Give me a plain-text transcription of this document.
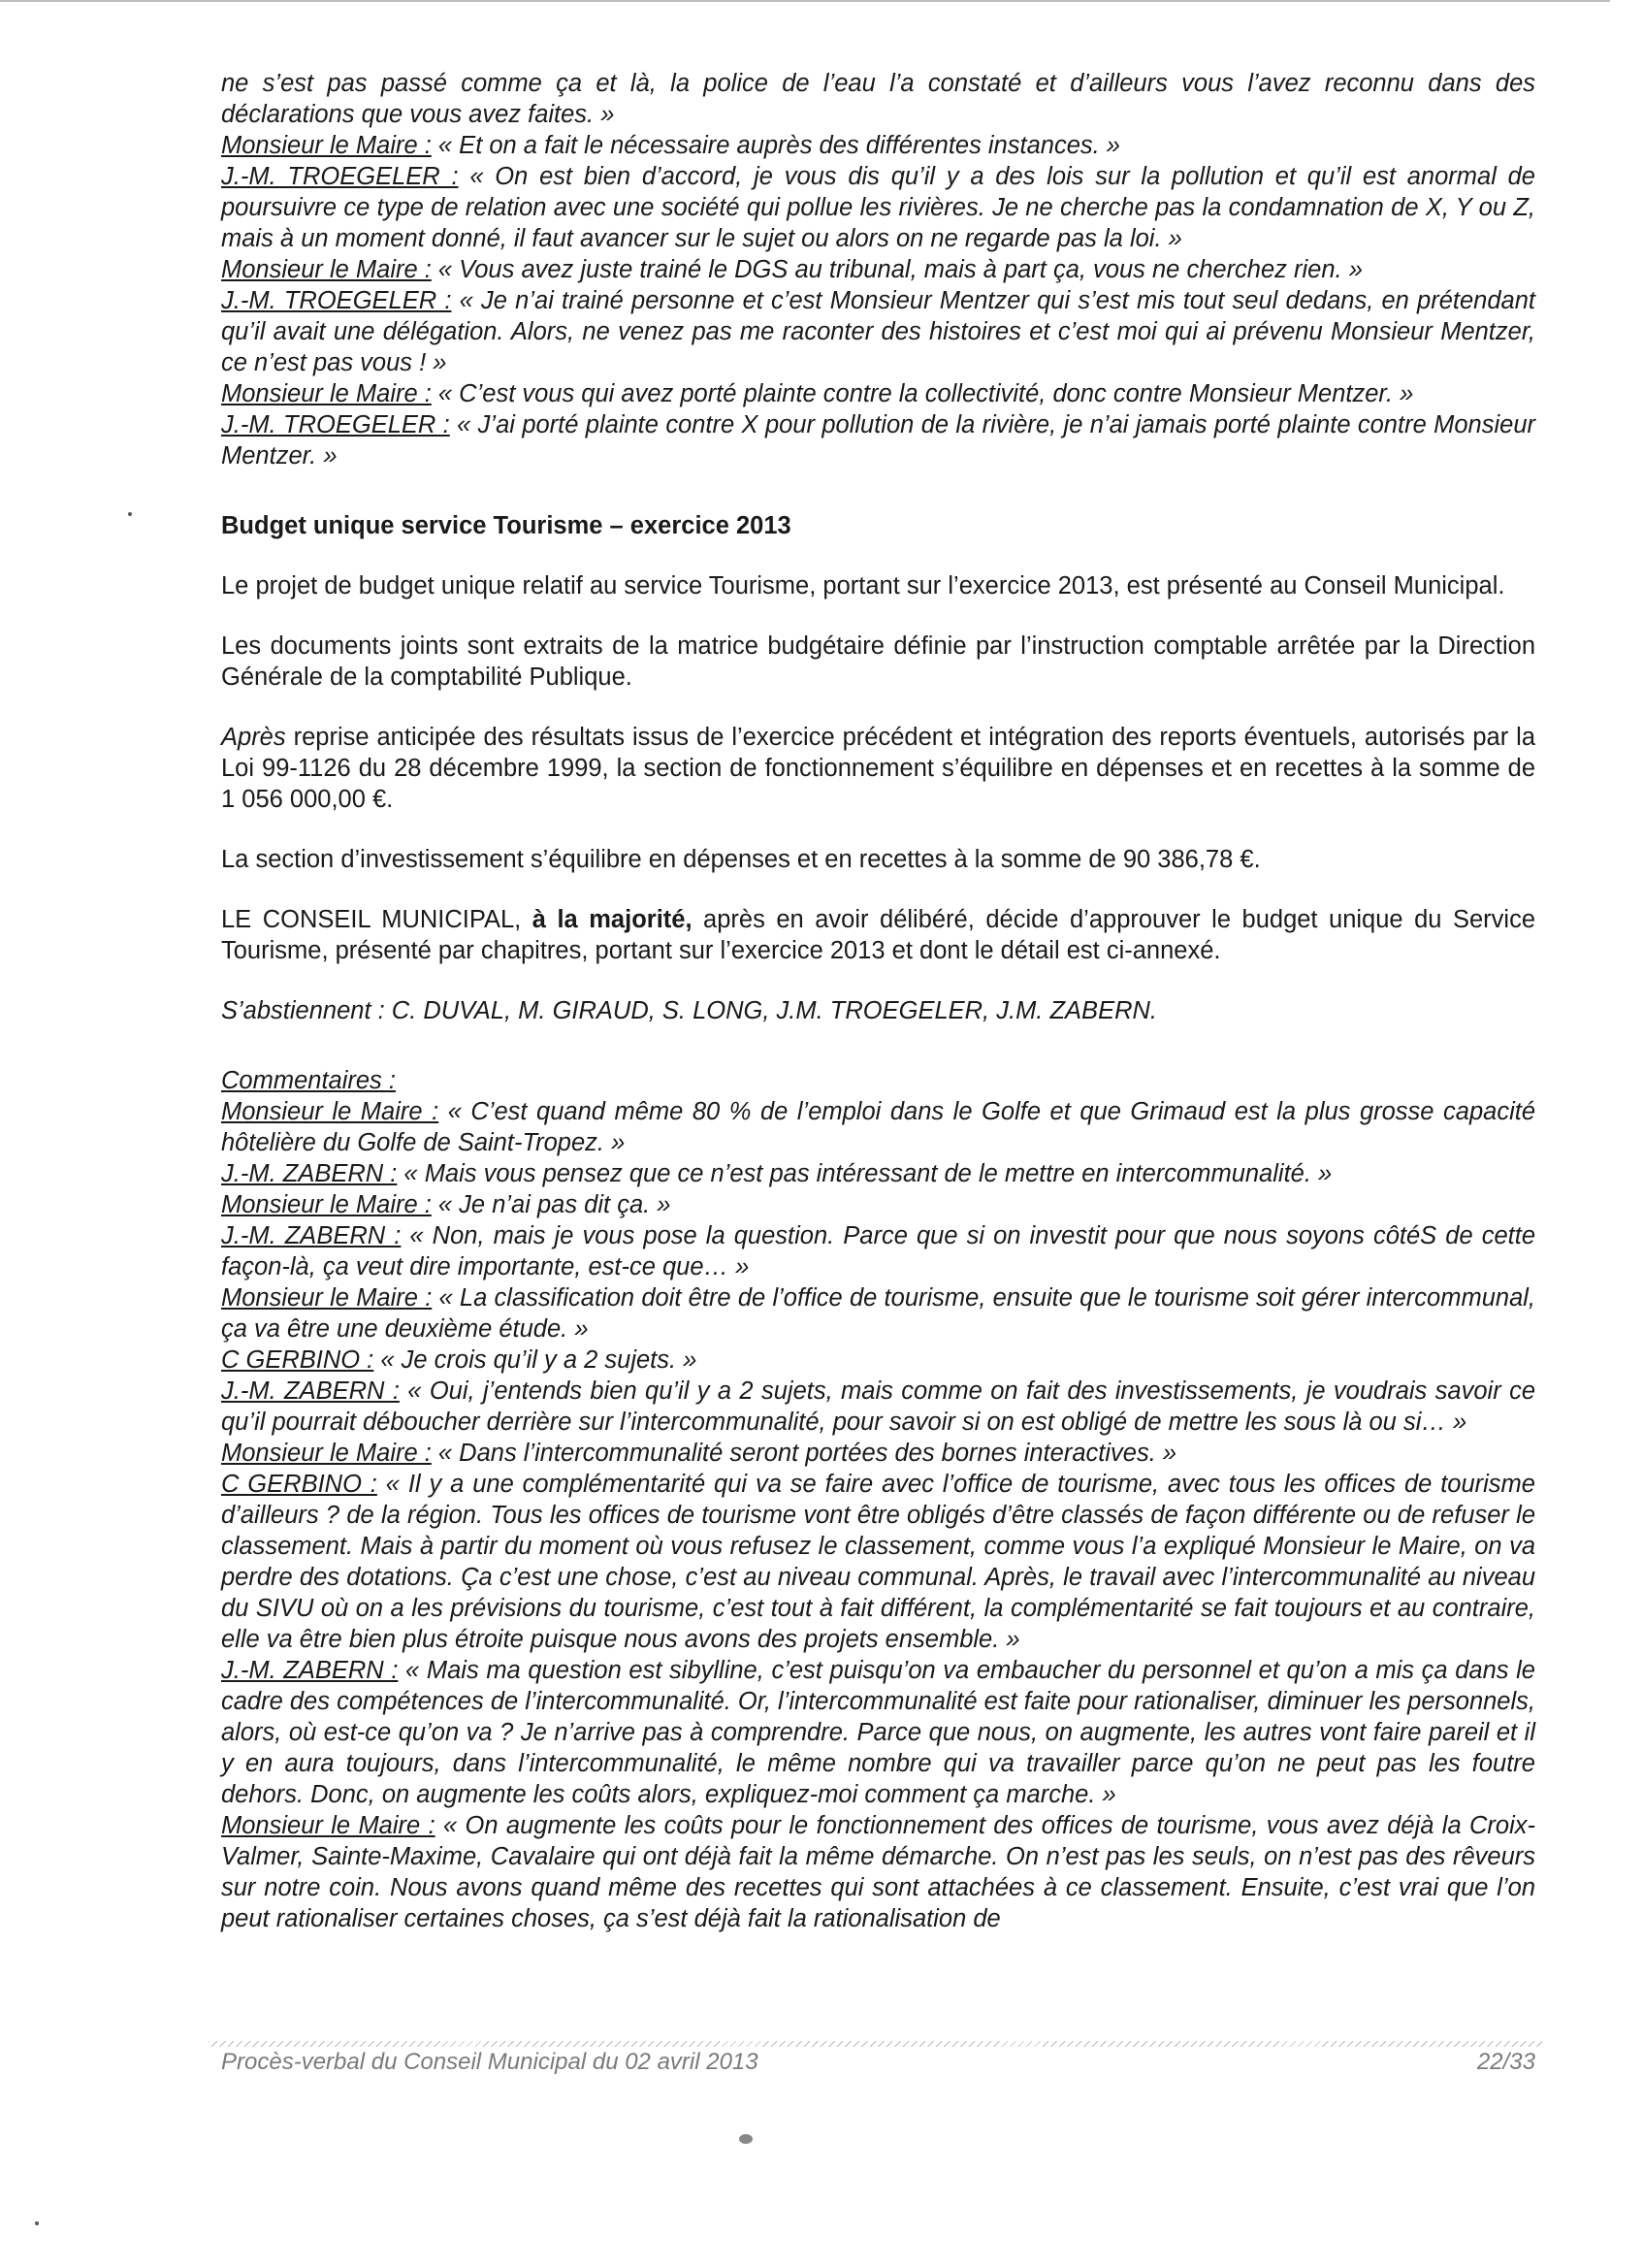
ne s’est pas passé comme ça et là, la police de l’eau l’a constaté et d’ailleurs vous l’avez reconnu dans des déclarations que vous avez faites. »

Monsieur le Maire : « Et on a fait le nécessaire auprès des différentes instances. »

J.-M. TROEGELER : « On est bien d’accord, je vous dis qu’il y a des lois sur la pollution et qu’il est anormal de poursuivre ce type de relation avec une société qui pollue les rivières. Je ne cherche pas la condamnation de X, Y ou Z, mais à un moment donné, il faut avancer sur le sujet ou alors on ne regarde pas la loi. »

Monsieur le Maire : « Vous avez juste trainé le DGS au tribunal, mais à part ça, vous ne cherchez rien. »

J.-M. TROEGELER : « Je n’ai trainé personne et c’est Monsieur Mentzer qui s’est mis tout seul dedans, en prétendant qu’il avait une délégation. Alors, ne venez pas me raconter des histoires et c’est moi qui ai prévenu Monsieur Mentzer, ce n’est pas vous ! »

Monsieur le Maire : « C’est vous qui avez porté plainte contre la collectivité, donc contre Monsieur Mentzer. »

J.-M. TROEGELER : « J’ai porté plainte contre X pour pollution de la rivière, je n’ai jamais porté plainte contre Monsieur Mentzer. »

Budget unique service Tourisme – exercice 2013

Le projet de budget unique relatif au service Tourisme, portant sur l’exercice 2013, est présenté au Conseil Municipal.

Les documents joints sont extraits de la matrice budgétaire définie par l’instruction comptable arrêtée par la Direction Générale de la comptabilité Publique.

Après reprise anticipée des résultats issus de l’exercice précédent et intégration des reports éventuels, autorisés par la Loi 99-1126 du 28 décembre 1999, la section de fonctionnement s’équilibre en dépenses et en recettes à la somme de 1 056 000,00 €.

La section d’investissement s’équilibre en dépenses et en recettes à la somme de 90 386,78 €.

LE CONSEIL MUNICIPAL, à la majorité, après en avoir délibéré, décide d’approuver le budget unique du Service Tourisme, présenté par chapitres, portant sur l’exercice 2013 et dont le détail est ci-annexé.

S’abstiennent : C. DUVAL, M. GIRAUD, S. LONG, J.M. TROEGELER, J.M. ZABERN.

Commentaires :

Monsieur le Maire : « C’est quand même 80 % de l’emploi dans le Golfe et que Grimaud est la plus grosse capacité hôtelière du Golfe de Saint-Tropez. »

J.-M. ZABERN : « Mais vous pensez que ce n’est pas intéressant de le mettre en intercommunalité. »

Monsieur le Maire : « Je n’ai pas dit ça. »

J.-M. ZABERN : « Non, mais je vous pose la question. Parce que si on investit pour que nous soyons côtéS de cette façon-là, ça veut dire importante, est-ce que… »

Monsieur le Maire : « La classification doit être de l’office de tourisme, ensuite que le tourisme soit gérer intercommunal, ça va être une deuxième étude. »

C GERBINO : « Je crois qu’il y a 2 sujets. »

J.-M. ZABERN : « Oui, j’entends bien qu’il y a 2 sujets, mais comme on fait des investissements, je voudrais savoir ce qu’il pourrait déboucher derrière sur l’intercommunalité, pour savoir si on est obligé de mettre les sous là ou si… »

Monsieur le Maire : « Dans l’intercommunalité seront portées des bornes interactives. »

C GERBINO : « Il y a une complémentarité qui va se faire avec l’office de tourisme, avec tous les offices de tourisme d’ailleurs ? de la région. Tous les offices de tourisme vont être obligés d’être classés de façon différente ou de refuser le classement. Mais à partir du moment où vous refusez le classement, comme vous l’a expliqué Monsieur le Maire, on va perdre des dotations. Ça c’est une chose, c’est au niveau communal. Après, le travail avec l’intercommunalité au niveau du SIVU où on a les prévisions du tourisme, c’est tout à fait différent, la complémentarité se fait toujours et au contraire, elle va être bien plus étroite puisque nous avons des projets ensemble. »

J.-M. ZABERN : « Mais ma question est sibylline, c’est puisqu’on va embaucher du personnel et qu’on a mis ça dans le cadre des compétences de l’intercommunalité. Or, l’intercommunalité est faite pour rationaliser, diminuer les personnels, alors, où est-ce qu’on va ? Je n’arrive pas à comprendre. Parce que nous, on augmente, les autres vont faire pareil et il y en aura toujours, dans l’intercommunalité, le même nombre qui va travailler parce qu’on ne peut pas les foutre dehors. Donc, on augmente les coûts alors, expliquez-moi comment ça marche. »

Monsieur le Maire : « On augmente les coûts pour le fonctionnement des offices de tourisme, vous avez déjà la Croix-Valmer, Sainte-Maxime, Cavalaire qui ont déjà fait la même démarche. On n’est pas les seuls, on n’est pas des rêveurs sur notre coin. Nous avons quand même des recettes qui sont attachées à ce classement. Ensuite, c’est vrai que l’on peut rationaliser certaines choses, ça s’est déjà fait la rationalisation de

Procès-verbal du Conseil Municipal du 02 avril 2013	22/33
